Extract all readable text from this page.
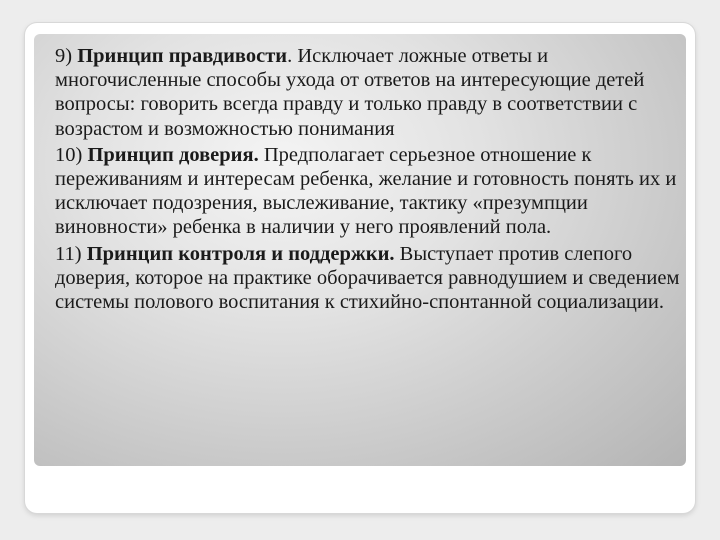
9) Принцип правдивости. Исключает ложные ответы и многочисленные способы ухода от ответов на интересующие детей вопросы: говорить всегда правду и только правду в соответствии с возрастом и возможностью понимания

10) Принцип доверия. Предполагает серьезное отношение к переживаниям и интересам ребенка, желание и готовность понять их и исключает подозрения, выслеживание, тактику «презумпции виновности» ребенка в наличии у него проявлений пола.

11) Принцип контроля и поддержки. Выступает против слепого доверия, которое на практике оборачивается равнодушием и сведением системы полового воспитания к стихийно-спонтанной социализации.
